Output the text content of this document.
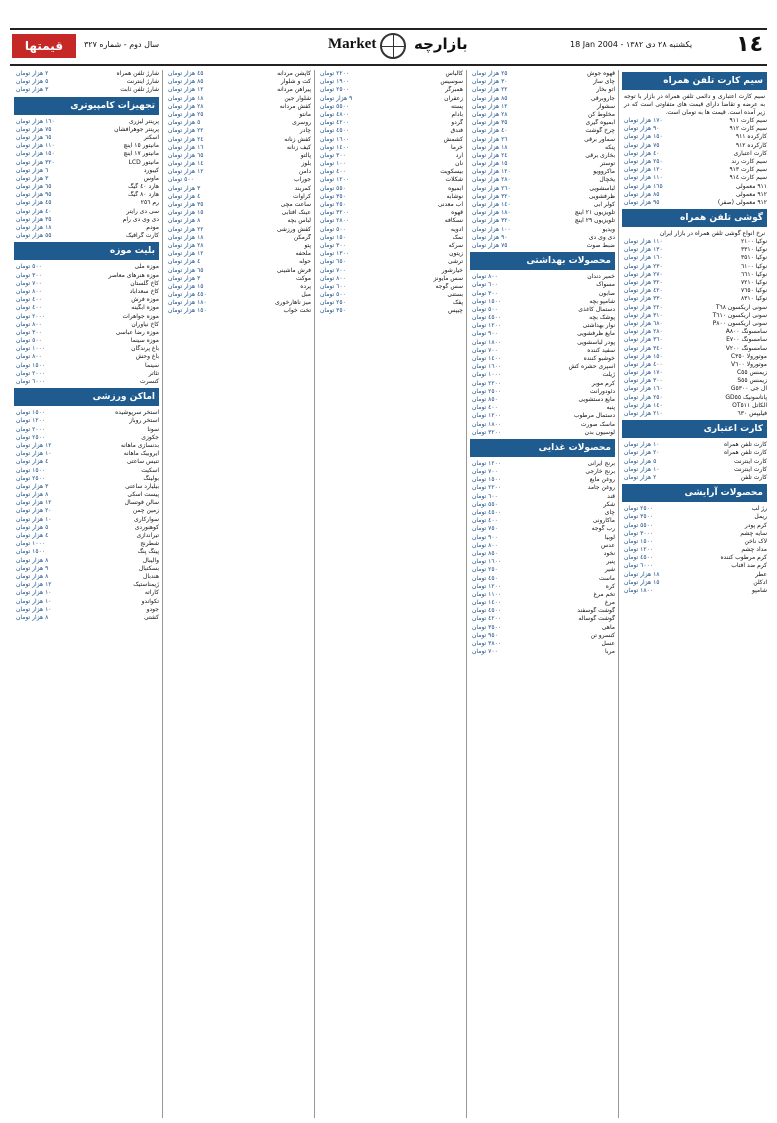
قيمتها	سال دوم - شماره ٣٢٧	Market	بازارچه	18 Jan 2004 - یکشنبه ٢٨ دی ١٣٨٢ ١٤
سیم کارت تلفن همراه
سیم کارت اعتباری و دائمی تلفن همراه در بازار با توجه به عرضه و تقاضا دارای قیمت های متفاوتی است که در زیر آمده است. قیمت ها به تومان است.
سیم کارت ٩١١
١٧٠ هزار تومان
سیم کارت ٩١٢
٩٠ هزار تومان
کارکرده ٩١١
١٥٠ هزار تومان
کارکرده ٩١٢
٧٥ هزار تومان
کارت اعتباری
٤٠ هزار تومان
سیم کارت رند
٢٥٠ هزار تومان
سیم کارت ٩١٣
١٢٠ هزار تومان
سیم کارت ٩١٤
١١٠ هزار تومان
٩١١ معمولی
١٦٥ هزار تومان
٩١٢ معمولی
٨٥ هزار تومان
٩١٢ معمولی (صفر)
٩٥ هزار تومان
گوشی تلفن همراه
نرخ انواع گوشی تلفن همراه در بازار ایران
نوکیا ٢١٠٠
١١٠ هزار تومان
نوکیا ٣٣١٠
١٣٠ هزار تومان
نوکیا ٣٥١٠
١٦٠ هزار تومان
نوکیا ٦١٠٠
٢٣٠ هزار تومان
نوکیا ٦٦١٠
٢٧٠ هزار تومان
نوکیا ٧٢١٠
٣٢٠ هزار تومان
نوکیا ٧٦٥٠
٤٢٠ هزار تومان
نوکیا ٨٣١٠
٣٣٠ هزار تومان
سونی اریکسون T٦٨
٢٢٠ هزار تومان
سونی اریکسون T٦١٠
٣١٠ هزار تومان
سونی اریکسون P٨٠٠
٦٨٠ هزار تومان
سامسونگ A٨٠٠
٢٨٠ هزار تومان
سامسونگ E٧٠٠
٣٦٠ هزار تومان
سامسونگ V٢٠٠
٣٤٠ هزار تومان
موتورولا C٣٥٠
١٥٠ هزار تومان
موتورولا V٦٠٠
٤٠٠ هزار تومان
زیمنس C٥٥
١٧٠ هزار تومان
زیمنس S٥٥
٣٠٠ هزار تومان
ال جی G٥٣٠٠
١٦٠ هزار تومان
پاناسونیک GD٥٥
٢٥٠ هزار تومان
آلکاتل OT٥١١
١٤٠ هزار تومان
فیلیپس ٦٣٠
٢١٠ هزار تومان
کارت اعتباری
کارت تلفن همراه
١٠ هزار تومان
کارت تلفن همراه
٢٠ هزار تومان
کارت اینترنت
٥ هزار تومان
کارت اینترنت
١٠ هزار تومان
کارت تلفن
٢ هزار تومان
محصولات آرایشی
رژ لب
٢٥٠٠ تومان
ریمل
٣٥٠٠ تومان
کرم پودر
٥٥٠٠ تومان
سایه چشم
٣٠٠٠ تومان
لاک ناخن
١٥٠٠ تومان
مداد چشم
١٢٠٠ تومان
کرم مرطوب کننده
٤٥٠٠ تومان
کرم ضد آفتاب
٦٠٠٠ تومان
عطر
١٨ هزار تومان
ادکلن
١٥ هزار تومان
شامپو
١٨٠٠ تومان
قهوه جوش
٢٥ هزار تومان
چای ساز
٣٠ هزار تومان
اتو بخار
٢٢ هزار تومان
جاروبرقی
٨٥ هزار تومان
سشوار
١٢ هزار تومان
مخلوط کن
٢٨ هزار تومان
آبمیوه گیری
٣٥ هزار تومان
چرخ گوشت
٤٠ هزار تومان
سماور برقی
٢٦ هزار تومان
پنکه
١٨ هزار تومان
بخاری برقی
٢٤ هزار تومان
توستر
١٥ هزار تومان
ماکروویو
١٢٠ هزار تومان
یخچال
٢٨٠ هزار تومان
لباسشویی
٢٦٠ هزار تومان
ظرفشویی
٣٢٠ هزار تومان
کولر آبی
١٤٠ هزار تومان
تلویزیون ٢١ اینچ
١٨٠ هزار تومان
تلویزیون ٢٩ اینچ
٣٢٠ هزار تومان
ویدیو
١٠٠ هزار تومان
دی وی دی
٩٠ هزار تومان
ضبط صوت
٧٥ هزار تومان
محصولات بهداشتی
خمیر دندان
٨٠٠ تومان
مسواک
٦٠٠ تومان
صابون
٣٠٠ تومان
شامپو بچه
١٥٠٠ تومان
دستمال کاغذی
٥٠٠ تومان
پوشک بچه
٤٥٠٠ تومان
نوار بهداشتی
١٢٠٠ تومان
مایع ظرفشویی
٩٠٠ تومان
پودر لباسشویی
١٨٠٠ تومان
سفید کننده
٧٠٠ تومان
خوشبو کننده
١٤٠٠ تومان
اسپری حشره کش
١٦٠٠ تومان
ژیلت
١٠٠٠ تومان
کرم موبر
٢٢٠٠ تومان
دئودورانت
٢٥٠٠ تومان
مایع دستشویی
٨٥٠ تومان
پنبه
٤٠٠ تومان
دستمال مرطوب
١٢٠٠ تومان
ماسک صورت
١٨٠٠ تومان
لوسیون بدن
٣٢٠٠ تومان
محصولات غذایی
برنج ایرانی
١٢٠٠ تومان
برنج خارجی
٧٠٠ تومان
روغن مایع
١٥٠٠ تومان
روغن جامد
٢٢٠٠ تومان
قند
٦٠٠ تومان
شکر
٥٥٠ تومان
چای
٤٥٠٠ تومان
ماکارونی
٤٠٠ تومان
رب گوجه
٧٥٠ تومان
لوبیا
٩٠٠ تومان
عدس
٨٠٠ تومان
نخود
٨٥٠ تومان
پنیر
١٦٠٠ تومان
شیر
٢٥٠ تومان
ماست
٤٥٠ تومان
کره
١٢٠٠ تومان
تخم مرغ
١١٠٠ تومان
مرغ
١٤٠٠ تومان
گوشت گوسفند
٤٥٠٠ تومان
گوشت گوساله
٤٢٠٠ تومان
ماهی
٣٥٠٠ تومان
کنسرو تن
٩٥٠ تومان
عسل
٣٨٠٠ تومان
مربا
٧٠٠ تومان
کالباس
٢٢٠٠ تومان
سوسیس
١٩٠٠ تومان
همبرگر
٢٥٠٠ تومان
زعفران
٩ هزار تومان
پسته
٥٥٠٠ تومان
بادام
٤٨٠٠ تومان
گردو
٤٢٠٠ تومان
فندق
٤٥٠٠ تومان
کشمش
١٦٠٠ تومان
خرما
١٤٠٠ تومان
آرد
٣٠٠ تومان
نان
١٠٠ تومان
بیسکویت
٤٠٠ تومان
شکلات
١٢٠٠ تومان
آبمیوه
٥٥٠ تومان
نوشابه
٣٥٠ تومان
آب معدنی
٢٥٠ تومان
قهوه
٣٢٠٠ تومان
نسکافه
٢٨٠٠ تومان
ادویه
٥٠٠ تومان
نمک
١٥٠ تومان
سرکه
٣٠٠ تومان
زیتون
١٣٠٠ تومان
ترشی
٦٥٠ تومان
خیارشور
٧٠٠ تومان
سس مایونز
٨٠٠ تومان
سس گوجه
٦٠٠ تومان
بستنی
٥٠٠ تومان
پفک
٢٥٠ تومان
چیپس
٣٥٠ تومان
کاپشن مردانه
٤٥ هزار تومان
کت و شلوار
٨٥ هزار تومان
پیراهن مردانه
١٢ هزار تومان
شلوار جین
١٨ هزار تومان
کفش مردانه
٢٨ هزار تومان
مانتو
٢٥ هزار تومان
روسری
٥ هزار تومان
چادر
٢٢ هزار تومان
کفش زنانه
٢٤ هزار تومان
کیف زنانه
١٦ هزار تومان
پالتو
٦٥ هزار تومان
بلوز
١٤ هزار تومان
دامن
١٢ هزار تومان
جوراب
٥٠٠ تومان
کمربند
٣ هزار تومان
کراوات
٤ هزار تومان
ساعت مچی
٣٥ هزار تومان
عینک آفتابی
١٥ هزار تومان
لباس بچه
٨ هزار تومان
کفش ورزشی
٢٢ هزار تومان
گرمکن
١٨ هزار تومان
پتو
٢٨ هزار تومان
ملحفه
١٢ هزار تومان
حوله
٤ هزار تومان
فرش ماشینی
٦٥ هزار تومان
موکت
٣ هزار تومان
پرده
١٥ هزار تومان
مبل
٤٥٠ هزار تومان
میز ناهارخوری
١٨٠ هزار تومان
تخت خواب
١٥٠ هزار تومان
شارژ تلفن همراه
٢ هزار تومان
شارژ اینترنت
٥ هزار تومان
شارژ تلفن ثابت
٣ هزار تومان
تجهیزات کامپیوتری
پرینتر لیزری
١٦٠ هزار تومان
پرینتر جوهرافشان
٧٥ هزار تومان
اسکنر
٦٥ هزار تومان
مانیتور ١٥ اینچ
١١٠ هزار تومان
مانیتور ١٧ اینچ
١٥٠ هزار تومان
مانیتور LCD
٣٢٠ هزار تومان
کیبورد
٦ هزار تومان
ماوس
٣ هزار تومان
هارد ٤٠ گیگ
٦٥ هزار تومان
هارد ٨٠ گیگ
٩٥ هزار تومان
رم ٢٥٦
٤٥ هزار تومان
سی دی رایتر
٤٠ هزار تومان
دی وی دی رام
٣٥ هزار تومان
مودم
١٨ هزار تومان
کارت گرافیک
٥٥ هزار تومان
بلیت موزه
موزه ملی
٥٠٠ تومان
موزه هنرهای معاصر
٣٠٠ تومان
کاخ گلستان
٧٠٠ تومان
کاخ سعدآباد
٨٠٠ تومان
موزه فرش
٤٠٠ تومان
موزه آبگینه
٤٠٠ تومان
موزه جواهرات
٢٠٠٠ تومان
کاخ نیاوران
٨٠٠ تومان
موزه رضا عباسی
٣٠٠ تومان
موزه سینما
٥٠٠ تومان
باغ پرندگان
١٠٠٠ تومان
باغ وحش
٨٠٠ تومان
سینما
١٥٠٠ تومان
تئاتر
٢٠٠٠ تومان
کنسرت
٦٠٠٠ تومان
اماکن ورزشی
استخر سرپوشیده
١٥٠٠ تومان
استخر روباز
١٢٠٠ تومان
سونا
٢٠٠٠ تومان
جکوزی
٢٥٠٠ تومان
بدنسازی ماهانه
١٢ هزار تومان
ایروبیک ماهانه
١٠ هزار تومان
تنیس ساعتی
٤ هزار تومان
اسکیت
١٥٠٠ تومان
بولینگ
٢٥٠٠ تومان
بیلیارد ساعتی
٣ هزار تومان
پیست اسکی
٨ هزار تومان
سالن فوتسال
١٢ هزار تومان
زمین چمن
٢٠ هزار تومان
سوارکاری
١٠ هزار تومان
کوهنوردی
٥ هزار تومان
تیراندازی
٤ هزار تومان
شطرنج
١٠٠٠ تومان
پینگ پنگ
١٥٠٠ تومان
والیبال
٨ هزار تومان
بسکتبال
٩ هزار تومان
هندبال
٨ هزار تومان
ژیمناستیک
١٢ هزار تومان
کاراته
١٠ هزار تومان
تکواندو
١٠ هزار تومان
جودو
١٠ هزار تومان
کشتی
٨ هزار تومان
